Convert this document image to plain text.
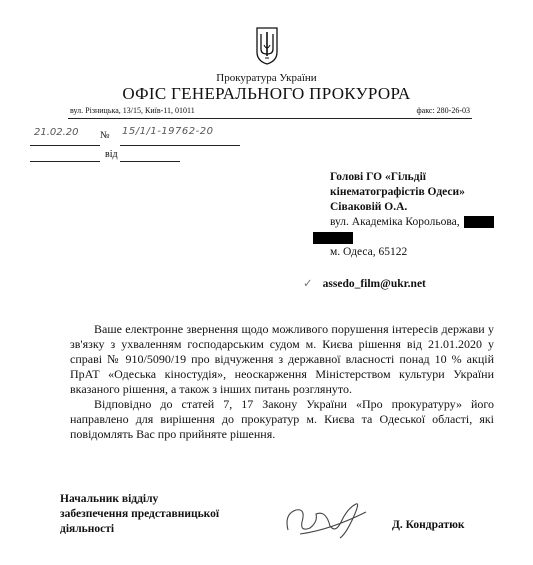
Прокуратура України
ОФІС ГЕНЕРАЛЬНОГО ПРОКУРОРА
вул. Різницька, 13/15, Київ-11, 01011	факс: 280-26-03
21.02.20 № 15/1/1-19762-20
від
Голові ГО «Гільдії
кінематографістів Одеси»
Сіваковій О.А.
вул. Академіка Корольова,
м. Одеса, 65122
✓ assedo_film@ukr.net

Ваше електронне звернення щодо можливого порушення інтересів держави у зв'язку з ухваленням господарським судом м. Києва рішення від 21.01.2020 у справі № 910/5090/19 про відчуження з державної власності понад 10 % акцій ПрАТ «Одеська кіностудія», неоскарження Міністерством культури України вказаного рішення, а також з інших питань розглянуто.

Відповідно до статей 7, 17 Закону України «Про прокуратуру» його направлено для вирішення до прокуратур м. Києва та Одеської області, які повідомлять Вас про прийняте рішення.

Начальник відділу
забезпечення представницької
діяльності	Д. Кондратюк
